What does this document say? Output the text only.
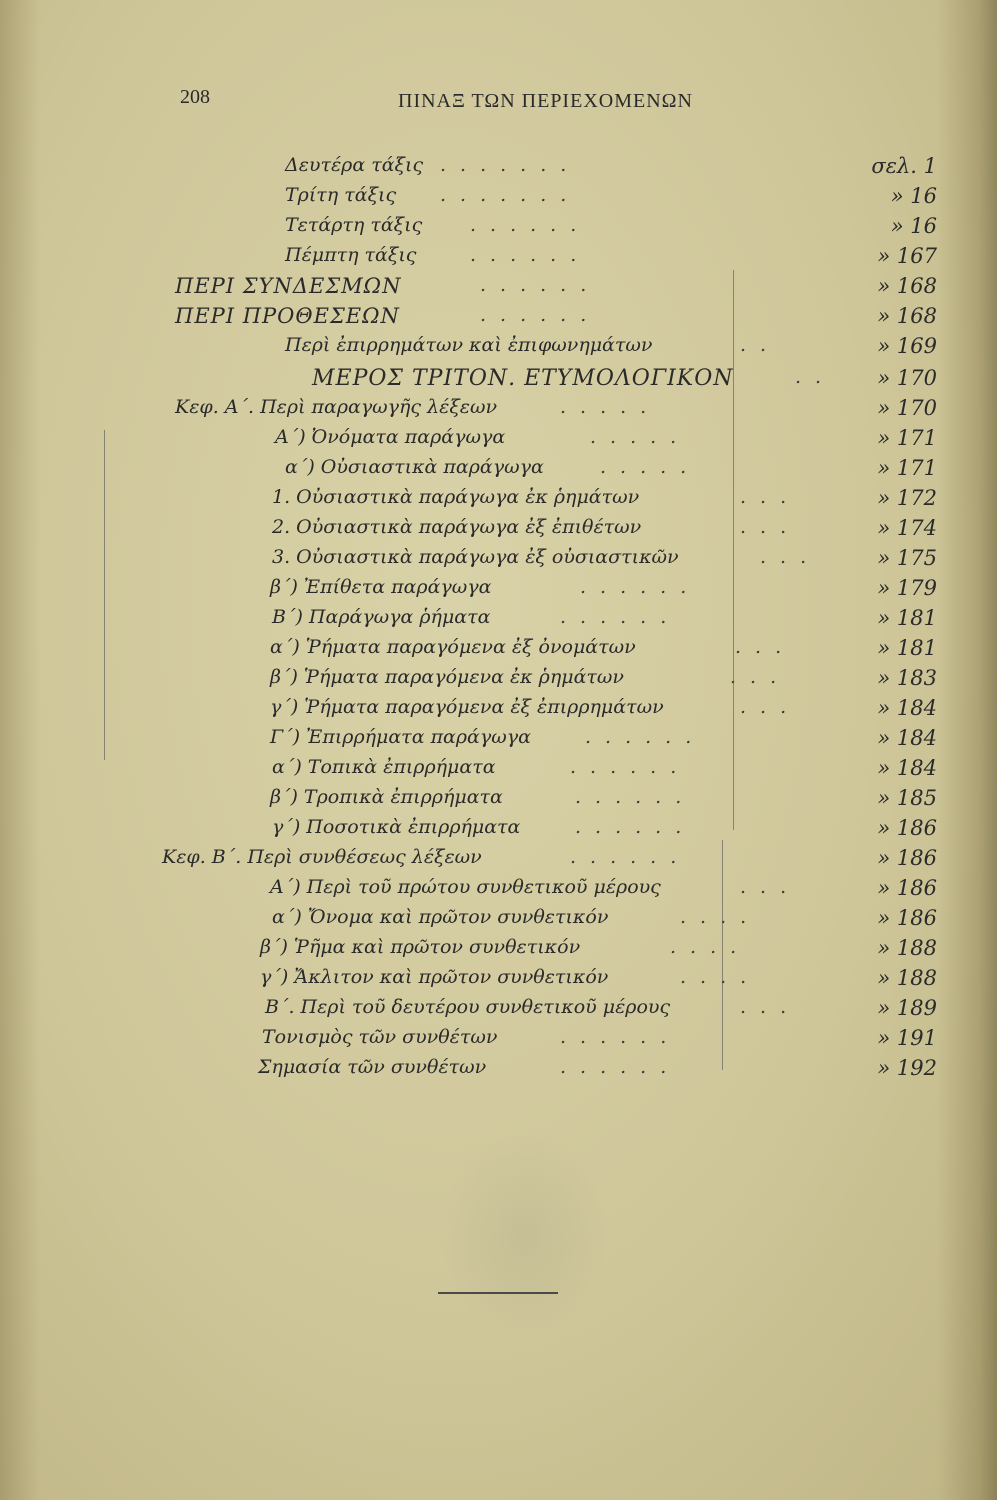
208	ΠΙΝΑΞ ΤΩΝ ΠΕΡΙΕΧΟΜΕΝΩΝ
Δευτέρα τάξις .......	σελ. 1
Τρίτη τάξις .......	» 16
Τετάρτη τάξις	......	» 16
Πέμπτη τάξις	......	» 167
ΠΕΡΙ ΣΥΝΔΕΣΜΩΝ	......	» 168
ΠΕΡΙ ΠΡΟΘΕΣΕΩΝ	......	» 168
Περὶ ἐπιρρημάτων καὶ ἐπιφωνημάτων	..	» 169
ΜΕΡΟΣ ΤΡΙΤΟΝ. ΕΤΥΜΟΛΟΓΙΚΟΝ	..	» 170
Κεφ. Α΄. Περὶ παραγωγῆς λέξεων	.....	» 170
Α΄) Ὀνόματα παράγωγα	.....	» 171
α΄) Οὐσιαστικὰ παράγωγα	.....	» 171
1. Οὐσιαστικὰ παράγωγα ἐκ ῥημάτων	...	» 172
2. Οὐσιαστικὰ παράγωγα ἐξ ἐπιθέτων	...	» 174
3. Οὐσιαστικὰ παράγωγα ἐξ οὐσιαστικῶν	...	» 175
β΄) Ἐπίθετα παράγωγα	......	» 179
Β΄) Παράγωγα ῥήματα	......	» 181
α΄) Ῥήματα παραγόμενα ἐξ ὀνομάτων	...	» 181
β΄) Ῥήματα παραγόμενα ἐκ ῥημάτων	...	» 183
γ΄) Ῥήματα παραγόμενα ἐξ ἐπιρρημάτων	...	» 184
Γ΄) Ἐπιρρήματα παράγωγα	......	» 184
α΄) Τοπικὰ ἐπιρρήματα	......	» 184
β΄) Τροπικὰ ἐπιρρήματα	......	» 185
γ΄) Ποσοτικὰ ἐπιρρήματα	......	» 186
Κεφ. Β΄. Περὶ συνθέσεως λέξεων	......	» 186
Α΄) Περὶ τοῦ πρώτου συνθετικοῦ μέρους	...	» 186
α΄) Ὄνομα καὶ πρῶτον συνθετικόν	....	» 186
β΄) Ῥῆμα καὶ πρῶτον συνθετικόν	....	» 188
γ΄) Ἄκλιτον καὶ πρῶτον συνθετικόν	....	» 188
Β΄. Περὶ τοῦ δευτέρου συνθετικοῦ μέρους	...	» 189
Τονισμὸς τῶν συνθέτων	......	» 191
Σημασία τῶν συνθέτων	......	» 192
